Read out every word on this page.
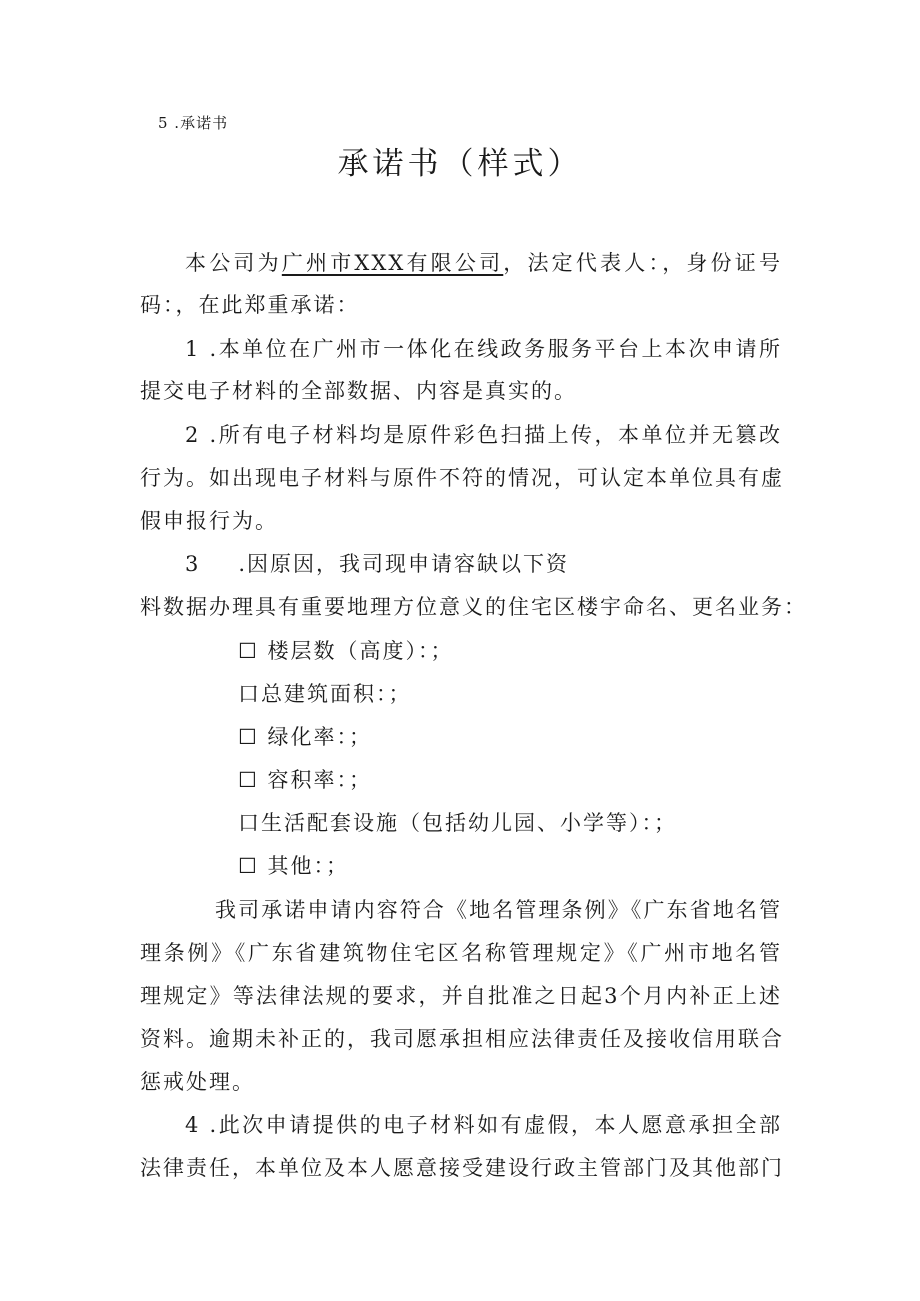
5 .承诺书
承诺书（样式）
本公司为广州市XXX有限公司，法定代表人：，身份证号
码：，在此郑重承诺：
1 .本单位在广州市一体化在线政务服务平台上本次申请所
提交电子材料的全部数据、内容是真实的。
2 .所有电子材料均是原件彩色扫描上传，本单位并无篡改
行为。如出现电子材料与原件不符的情况，可认定本单位具有虚
假申报行为。
3 .因原因，我司现申请容缺以下资
料数据办理具有重要地理方位意义的住宅区楼宇命名、更名业务：
☐ 楼层数（高度）：；
口总建筑面积：；
☐ 绿化率：；
☐ 容积率：；
口生活配套设施（包括幼儿园、小学等）：；
☐ 其他：；
我司承诺申请内容符合《地名管理条例》《广东省地名管
理条例》《广东省建筑物住宅区名称管理规定》《广州市地名管
理规定》等法律法规的要求，并自批准之日起3个月内补正上述
资料。逾期未补正的，我司愿承担相应法律责任及接收信用联合
惩戒处理。
4 .此次申请提供的电子材料如有虚假，本人愿意承担全部
法律责任，本单位及本人愿意接受建设行政主管部门及其他部门
